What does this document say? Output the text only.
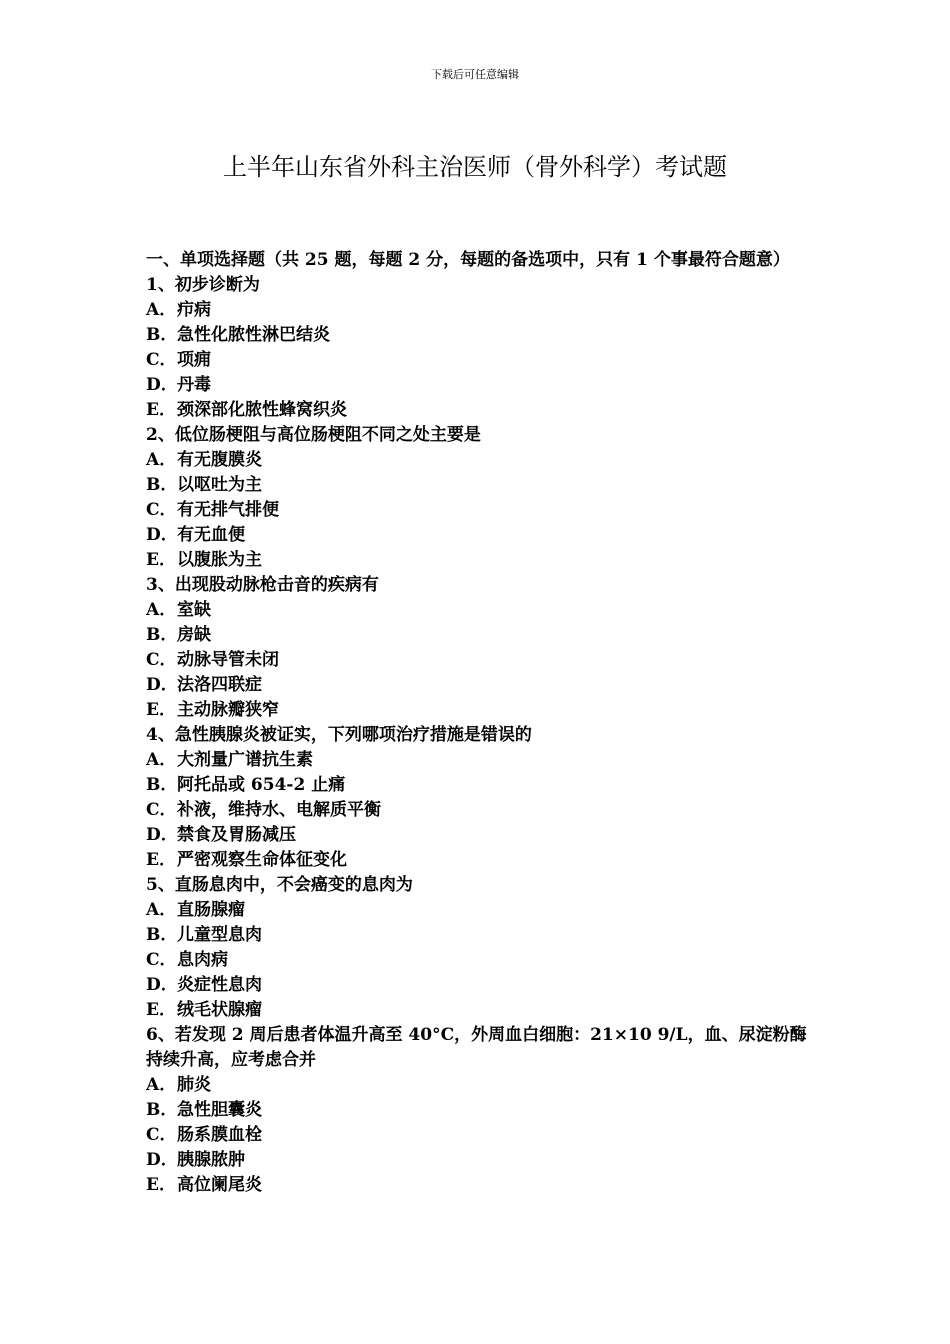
下载后可任意编辑
上半年山东省外科主治医师（骨外科学）考试题

一、单项选择题（共 25 题，每题 2 分，每题的备选项中，只有 1 个事最符合题意）

1、初步诊断为
A．疖病
B．急性化脓性淋巴结炎
C．项痈
D．丹毒
E．颈深部化脓性蜂窝织炎
2、低位肠梗阻与高位肠梗阻不同之处主要是
A．有无腹膜炎
B．以呕吐为主
C．有无排气排便
D．有无血便
E．以腹胀为主
3、出现股动脉枪击音的疾病有
A．室缺
B．房缺
C．动脉导管未闭
D．法洛四联症
E．主动脉瓣狭窄
4、急性胰腺炎被证实，下列哪项治疗措施是错误的
A．大剂量广谱抗生素
B．阿托品或 654-2 止痛
C．补液，维持水、电解质平衡
D．禁食及胃肠减压
E．严密观察生命体征变化
5、直肠息肉中，不会癌变的息肉为
A．直肠腺瘤
B．儿童型息肉
C．息肉病
D．炎症性息肉
E．绒毛状腺瘤
6、若发现 2 周后患者体温升高至 40°C，外周血白细胞：21×10 9/L，血、尿淀粉酶持续升高，应考虑合并
A．肺炎
B．急性胆囊炎
C．肠系膜血栓
D．胰腺脓肿
E．高位阑尾炎
